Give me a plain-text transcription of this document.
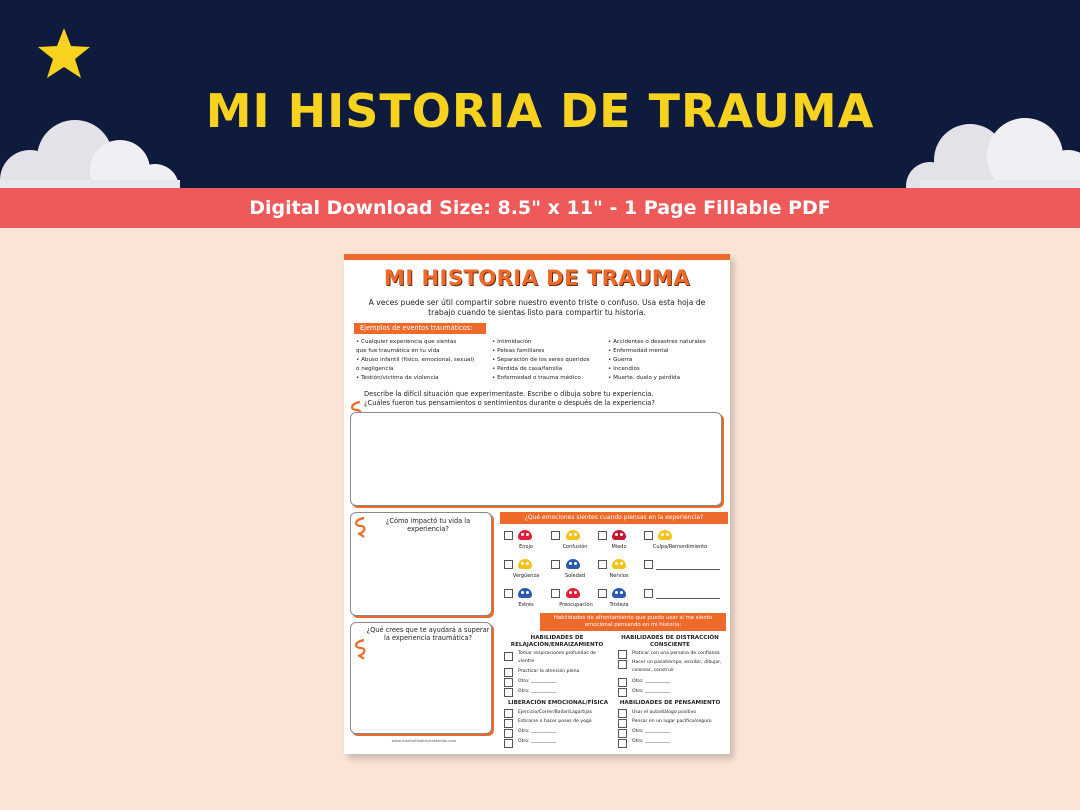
MI HISTORIA DE TRAUMA
Digital Download Size: 8.5" x 11" - 1 Page Fillable PDF
MI HISTORIA DE TRAUMA
A veces puede ser útil compartir sobre nuestro evento triste o confuso. Usa esta hoja de trabajo cuando te sientas listo para compartir tu historia.
Ejemplos de eventos traumáticos:
• Cualquier experiencia que sientas
que fue traumática en tu vida
• Abuso infantil (físico, emocional, sexual)
o negligencia
• Testión/víctima de violencia
• Intimidación
• Peleas familiares
• Separación de los seres queridos
• Pérdida de casa/familia
• Enfermedad o trauma médico
• Accidentes o desastres naturales
• Enfermedad mental
• Guerra
• Incendios
• Muerte, duelo y pérdida
Describe la difícil situación que experimentaste. Escribe o dibuja sobre tu experiencia.
¿Cuáles fueron tus pensamientos o sentimientos durante o después de la experiencia?
¿Cómo impactó tu vida la experiencia?
¿Qué crees que te ayudará a superar la experiencia traumática?
¿Qué emociones sientes cuando piensas en la experiencia?
Enojo	Confusión	Miedo	Culpa/Remordimiento
Vergüenza	Soledad	Nervios
Estrés	Preocupación	Tristeza
Habilidades de afrontamiento que puedo usar si me siento emocional pensando en mi historia:
HABILIDADES DE RELAJACIÓN/ENRAIZAMIENTO
Tomar respiraciones profundas de
vientre
Practicar la atención plena
Otro: ___________
Otro: ___________
HABILIDADES DE DISTRACCIÓN CONSCIENTE
Platicar con una persona de confianza
Hacer un pasatiempo, escribir, dibujar,
colorear, construir
Otro: ___________
Otro: ___________
LIBERACIÓN EMOCIONAL/FÍSICA
Ejercicio/Correr/Bailar/Lagartijas
Estirarse o hacer poses de yoga
Otro: ___________
Otro: ___________
HABILIDADES DE PENSAMIENTO
Usar el autodiálogo positivo
Pensar en un lugar pacífico/seguro
Otro: ___________
Otro: ___________
www.mentalhealthcenterkids.com
